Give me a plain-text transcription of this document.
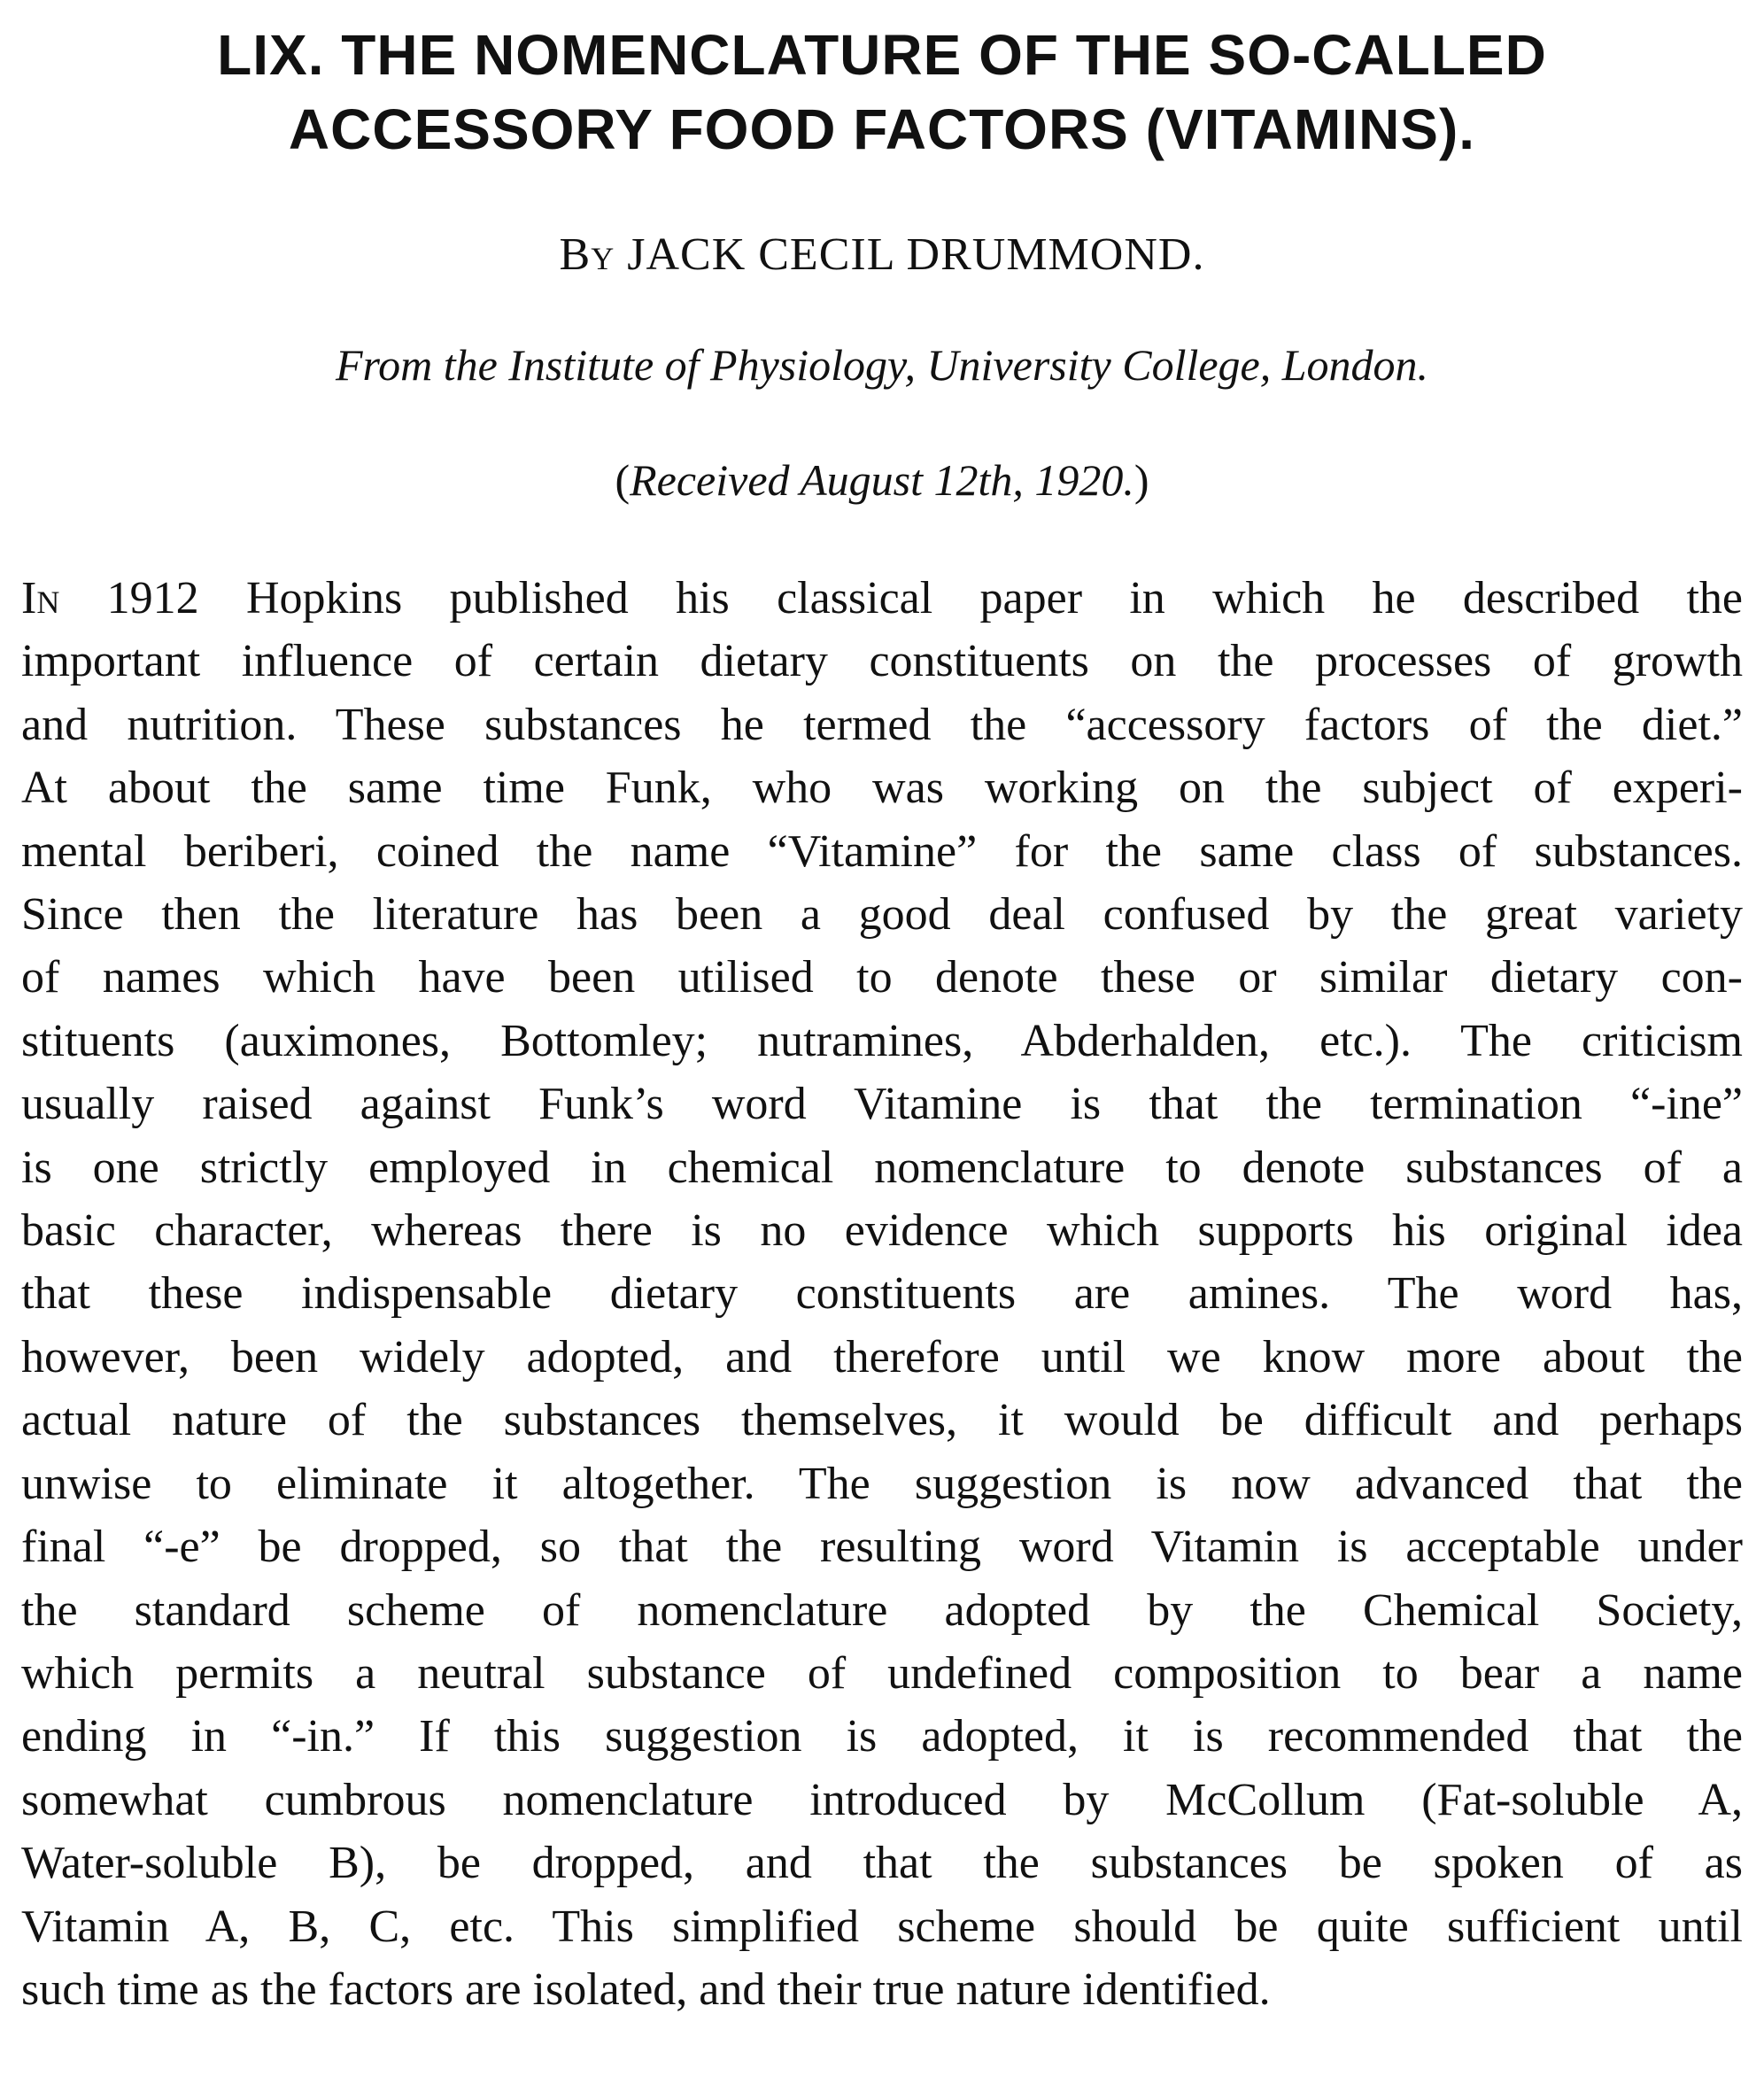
LIX. THE NOMENCLATURE OF THE SO-CALLED
ACCESSORY FOOD FACTORS (VITAMINS).
By JACK CECIL DRUMMOND.
From the Institute of Physiology, University College, London.
(Received August 12th, 1920.)
In 1912 Hopkins published his classical paper in which he described the
important influence of certain dietary constituents on the processes of growth
and nutrition. These substances he termed the “accessory factors of the diet.”
At about the same time Funk, who was working on the subject of experi-
mental beriberi, coined the name “Vitamine” for the same class of substances.
Since then the literature has been a good deal confused by the great variety
of names which have been utilised to denote these or similar dietary con-
stituents (auximones, Bottomley; nutramines, Abderhalden, etc.). The criticism
usually raised against Funk’s word Vitamine is that the termination “-ine”
is one strictly employed in chemical nomenclature to denote substances of a
basic character, whereas there is no evidence which supports his original idea
that these indispensable dietary constituents are amines. The word has,
however, been widely adopted, and therefore until we know more about the
actual nature of the substances themselves, it would be difficult and perhaps
unwise to eliminate it altogether. The suggestion is now advanced that the
final “-e” be dropped, so that the resulting word Vitamin is acceptable under
the standard scheme of nomenclature adopted by the Chemical Society,
which permits a neutral substance of undefined composition to bear a name
ending in “-in.” If this suggestion is adopted, it is recommended that the
somewhat cumbrous nomenclature introduced by McCollum (Fat-soluble A,
Water-soluble B), be dropped, and that the substances be spoken of as
Vitamin A, B, C, etc. This simplified scheme should be quite sufficient until
such time as the factors are isolated, and their true nature identified.
